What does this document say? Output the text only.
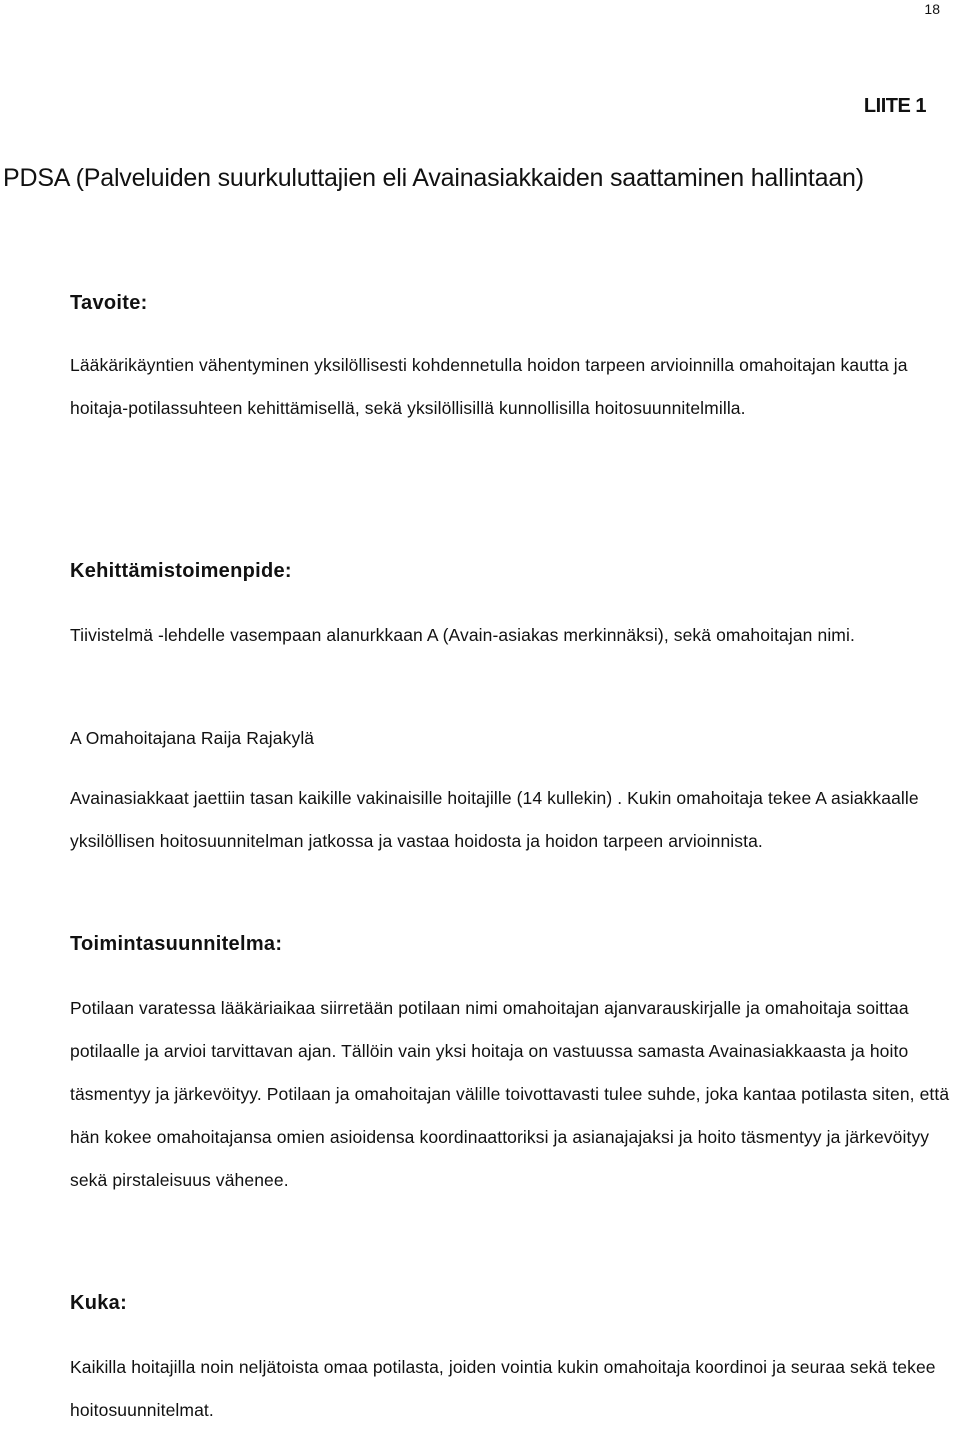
18
LIITE 1
PDSA (Palveluiden suurkuluttajien eli Avainasiakkaiden saattaminen hallintaan)
Tavoite:

Lääkärikäyntien vähentyminen yksilöllisesti kohdennetulla hoidon tarpeen arvioinnilla omahoitajan kautta ja hoitaja-potilassuhteen kehittämisellä, sekä yksilöllisillä kunnollisilla hoitosuunnitelmilla.

Kehittämistoimenpide:

Tiivistelmä -lehdelle vasempaan alanurkkaan A (Avain-asiakas merkinnäksi), sekä omahoitajan nimi.

A Omahoitajana Raija Rajakylä

Avainasiakkaat jaettiin tasan kaikille vakinaisille hoitajille (14 kullekin) . Kukin omahoitaja tekee A asiakkaalle yksilöllisen hoitosuunnitelman jatkossa ja vastaa hoidosta ja hoidon tarpeen arvioinnista.

Toimintasuunnitelma:

Potilaan varatessa lääkäriaikaa siirretään potilaan nimi omahoitajan ajanvarauskirjalle ja omahoitaja soittaa potilaalle ja arvioi tarvittavan ajan. Tällöin vain yksi hoitaja on vastuussa samasta Avainasiakkaasta ja hoito täsmentyy ja järkevöityy. Potilaan ja omahoitajan välille toivottavasti tulee suhde, joka kantaa potilasta siten, että hän kokee omahoitajansa omien asioidensa koordinaattoriksi ja asianajajaksi ja hoito täsmentyy ja järkevöityy sekä pirstaleisuus vähenee.

Kuka:

Kaikilla hoitajilla noin neljätoista omaa potilasta, joiden vointia kukin omahoitaja koordinoi ja seuraa sekä tekee hoitosuunnitelmat.
